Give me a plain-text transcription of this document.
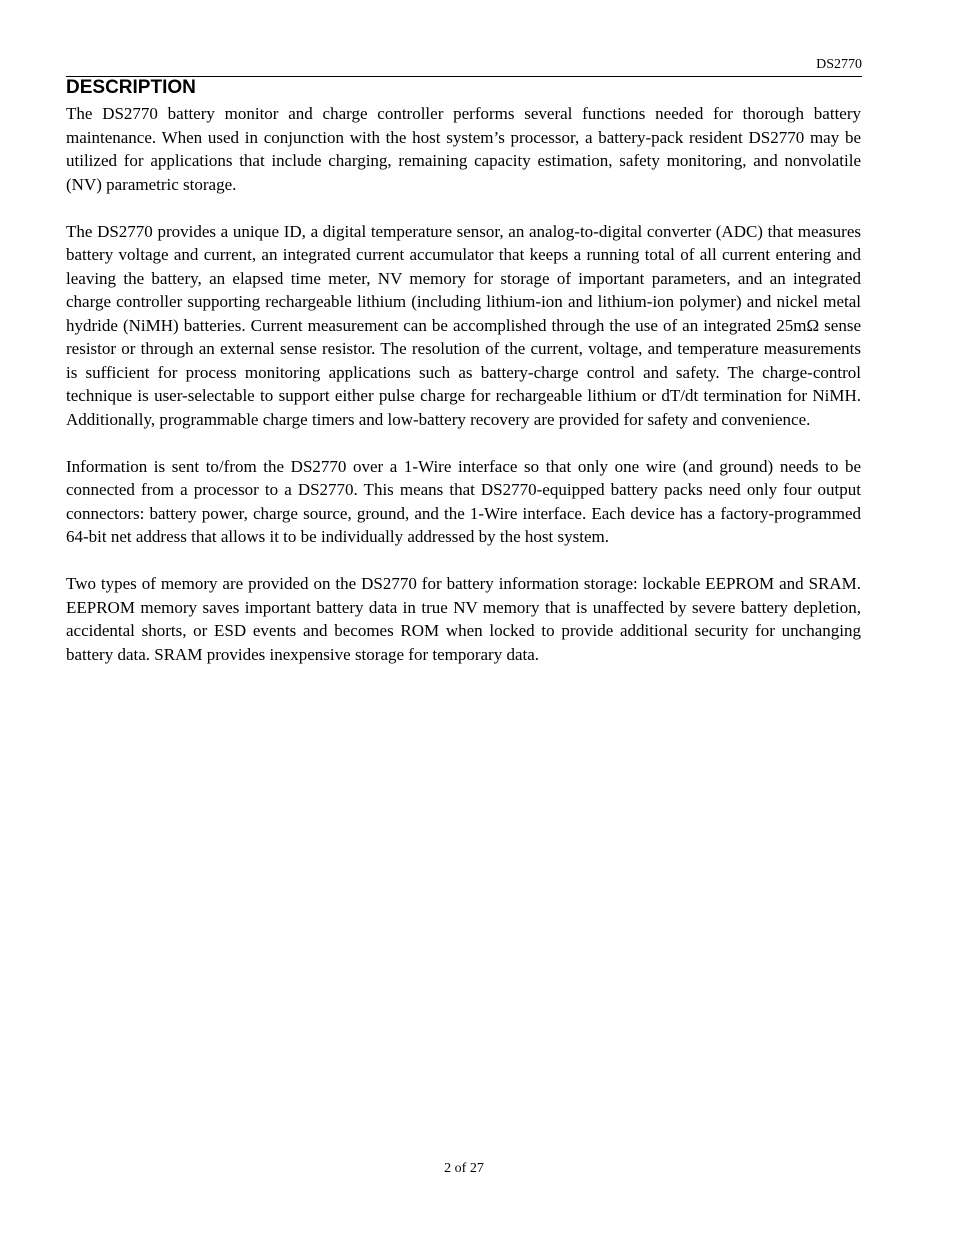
DS2770
DESCRIPTION

The DS2770 battery monitor and charge controller performs several functions needed for thorough battery maintenance. When used in conjunction with the host system’s processor, a battery-pack resident DS2770 may be utilized for applications that include charging, remaining capacity estimation, safety monitoring, and nonvolatile (NV) parametric storage.

The DS2770 provides a unique ID, a digital temperature sensor, an analog-to-digital converter (ADC) that measures battery voltage and current, an integrated current accumulator that keeps a running total of all current entering and leaving the battery, an elapsed time meter, NV memory for storage of important parameters, and an integrated charge controller supporting rechargeable lithium (including lithium-ion and lithium-ion polymer) and nickel metal hydride (NiMH) batteries. Current measurement can be accomplished through the use of an integrated 25mΩ sense resistor or through an external sense resistor. The resolution of the current, voltage, and temperature measurements is sufficient for process monitoring applications such as battery-charge control and safety. The charge-control technique is user-selectable to support either pulse charge for rechargeable lithium or dT/dt termination for NiMH. Additionally, programmable charge timers and low-battery recovery are provided for safety and convenience.

Information is sent to/from the DS2770 over a 1-Wire interface so that only one wire (and ground) needs to be connected from a processor to a DS2770. This means that DS2770-equipped battery packs need only four output connectors: battery power, charge source, ground, and the 1-Wire interface. Each device has a factory-programmed 64-bit net address that allows it to be individually addressed by the host system.

Two types of memory are provided on the DS2770 for battery information storage: lockable EEPROM and SRAM. EEPROM memory saves important battery data in true NV memory that is unaffected by severe battery depletion, accidental shorts, or ESD events and becomes ROM when locked to provide additional security for unchanging battery data. SRAM provides inexpensive storage for temporary data.

2 of 27
